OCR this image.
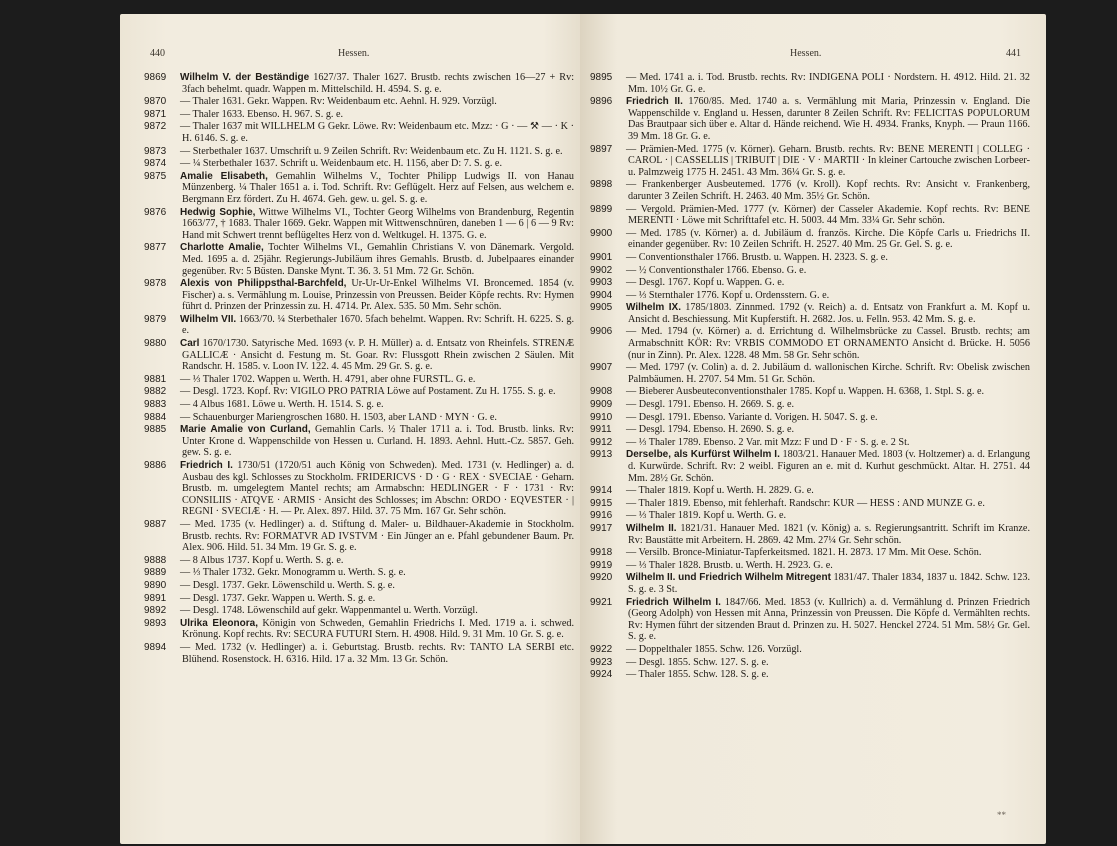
440	Hessen.
9869 Wilhelm V. der Beständige 1627/37. Thaler 1627. Brustb. rechts zwischen 16—27 + Rv: 3fach behelmt. quadr. Wappen m. Mittelschild. H. 4594. S. g. e.
9870 — Thaler 1631. Gekr. Wappen. Rv: Weidenbaum etc. Aehnl. H. 929. Vorzügl.
9871 — Thaler 1633. Ebenso. H. 967. S. g. e.
9872 — Thaler 1637 mit WILLHELM G Gekr. Löwe. Rv: Weidenbaum etc. Mzz: · G · — ⚒ — · K · H. 6146. S. g. e.
9873 — Sterbethaler 1637. Umschrift u. 9 Zeilen Schrift. Rv: Weidenbaum etc. Zu H. 1121. S. g. e.
9874 — ¼ Sterbethaler 1637. Schrift u. Weidenbaum etc. H. 1156, aber D: 7. S. g. e.
9875 Amalie Elisabeth, Gemahlin Wilhelms V., Tochter Philipp Ludwigs II. von Hanau Münzenberg. ¼ Thaler 1651 a. i. Tod. Schrift. Rv: Geflügelt. Herz auf Felsen, aus welchem e. Bergmann Erz fördert. Zu H. 4674. Geh. gew. u. gel. S. g. e.
9876 Hedwig Sophie, Wittwe Wilhelms VI., Tochter Georg Wilhelms von Brandenburg, Regentin 1663/77, † 1683. Thaler 1669. Gekr. Wappen mit Wittwenschnüren, daneben 1 — 6 | 6 — 9 Rv: Hand mit Schwert trennt beflügeltes Herz von d. Weltkugel. H. 1375. G. e.
9877 Charlotte Amalie, Tochter Wilhelms VI., Gemahlin Christians V. von Dänemark. Vergold. Med. 1695 a. d. 25jähr. Regierungs-Jubiläum ihres Gemahls. Brustb. d. Jubelpaares einander gegenüber. Rv: 5 Büsten. Danske Mynt. T. 36. 3. 51 Mm. 72 Gr. Schön.
9878 Alexis von Philippsthal-Barchfeld, Ur-Ur-Ur-Enkel Wilhelms VI. Broncemed. 1854 (v. Fischer) a. s. Vermählung m. Louise, Prinzessin von Preussen. Beider Köpfe rechts. Rv: Hymen führt d. Prinzen der Prinzessin zu. H. 4714. Pr. Alex. 535. 50 Mm. Sehr schön.
9879 Wilhelm VII. 1663/70. ¼ Sterbethaler 1670. 5fach behelmt. Wappen. Rv: Schrift. H. 6225. S. g. e.
9880 Carl 1670/1730. Satyrische Med. 1693 (v. P. H. Müller) a. d. Entsatz von Rheinfels. STRENÆ GALLICÆ · Ansicht d. Festung m. St. Goar. Rv: Flussgott Rhein zwischen 2 Säulen. Mit Randschr. H. 1585. v. Loon IV. 122. 4. 45 Mm. 29 Gr. S. g. e.
9881 — ⅓ Thaler 1702. Wappen u. Werth. H. 4791, aber ohne FURSTL. G. e.
9882 — Desgl. 1723. Kopf. Rv: VIGILO PRO PATRIA Löwe auf Postament. Zu H. 1755. S. g. e.
9883 — 4 Albus 1681. Löwe u. Werth. H. 1514. S. g. e.
9884 — Schauenburger Mariengroschen 1680. H. 1503, aber LAND · MYN · G. e.
9885 Marie Amalie von Curland, Gemahlin Carls. ½ Thaler 1711 a. i. Tod. Brustb. links. Rv: Unter Krone d. Wappenschilde von Hessen u. Curland. H. 1893. Aehnl. Hutt.-Cz. 5857. Geh. gew. S. g. e.
9886 Friedrich I. 1730/51 (1720/51 auch König von Schweden). Med. 1731 (v. Hedlinger) a. d. Ausbau des kgl. Schlosses zu Stockholm. FRIDERICVS · D · G · REX · SVECIAE · Geharn. Brustb. m. umgelegtem Mantel rechts; am Armabschn: HEDLINGER · F · 1731 · Rv: CONSILIIS · ATQVE · ARMIS · Ansicht des Schlosses; im Abschn: ORDO · EQVESTER · | REGNI · SVECIÆ · H. — Pr. Alex. 897. Hild. 37. 75 Mm. 167 Gr. Sehr schön.
9887 — Med. 1735 (v. Hedlinger) a. d. Stiftung d. Maler- u. Bildhauer-Akademie in Stockholm. Brustb. rechts. Rv: FORMATVR AD IVSTVM · Ein Jünger an e. Pfahl gebundener Baum. Pr. Alex. 906. Hild. 51. 34 Mm. 19 Gr. S. g. e.
9888 — 8 Albus 1737. Kopf u. Werth. S. g. e.
9889 — ⅓ Thaler 1732. Gekr. Monogramm u. Werth. S. g. e.
9890 — Desgl. 1737. Gekr. Löwenschild u. Werth. S. g. e.
9891 — Desgl. 1737. Gekr. Wappen u. Werth. S. g. e.
9892 — Desgl. 1748. Löwenschild auf gekr. Wappenmantel u. Werth. Vorzügl.
9893 Ulrika Eleonora, Königin von Schweden, Gemahlin Friedrichs I. Med. 1719 a. i. schwed. Krönung. Kopf rechts. Rv: SECURA FUTURI Stern. H. 4908. Hild. 9. 31 Mm. 10 Gr. S. g. e.
9894 — Med. 1732 (v. Hedlinger) a. i. Geburtstag. Brustb. rechts. Rv: TANTO LA SERBI etc. Blühend. Rosenstock. H. 6316. Hild. 17 a. 32 Mm. 13 Gr. Schön.
Hessen.	441
9895 — Med. 1741 a. i. Tod. Brustb. rechts. Rv: INDIGENA POLI · Nordstern. H. 4912. Hild. 21. 32 Mm. 10½ Gr. G. e.
9896 Friedrich II. 1760/85. Med. 1740 a. s. Vermählung mit Maria, Prinzessin v. England. Die Wappenschilde v. England u. Hessen, darunter 8 Zeilen Schrift. Rv: FELICITAS POPULORUM Das Brautpaar sich über e. Altar d. Hände reichend. Wie H. 4934. Franks, Knyph. — Praun 1166. 39 Mm. 18 Gr. G. e.
9897 — Prämien-Med. 1775 (v. Körner). Geharn. Brustb. rechts. Rv: BENE MERENTI | COLLEG · CAROL · | CASSELLIS | TRIBUIT | DIE · V · MARTII · In kleiner Cartouche zwischen Lorbeer- u. Palmzweig 1775 H. 2451. 43 Mm. 36¼ Gr. S. g. e.
9898 — Frankenberger Ausbeutemed. 1776 (v. Kroll). Kopf rechts. Rv: Ansicht v. Frankenberg, darunter 3 Zeilen Schrift. H. 2463. 40 Mm. 35½ Gr. Schön.
9899 — Vergold. Prämien-Med. 1777 (v. Körner) der Casseler Akademie. Kopf rechts. Rv: BENE MERENTI · Löwe mit Schrifttafel etc. H. 5003. 44 Mm. 33¼ Gr. Sehr schön.
9900 — Med. 1785 (v. Körner) a. d. Jubiläum d. französ. Kirche. Die Köpfe Carls u. Friedrichs II. einander gegenüber. Rv: 10 Zeilen Schrift. H. 2527. 40 Mm. 25 Gr. Gel. S. g. e.
9901 — Conventionsthaler 1766. Brustb. u. Wappen. H. 2323. S. g. e.
9902 — ½ Conventionsthaler 1766. Ebenso. G. e.
9903 — Desgl. 1767. Kopf u. Wappen. G. e.
9904 — ⅓ Sternthaler 1776. Kopf u. Ordensstern. G. e.
9905 Wilhelm IX. 1785/1803. Zinnmed. 1792 (v. Reich) a. d. Entsatz von Frankfurt a. M. Kopf u. Ansicht d. Beschiessung. Mit Kupferstift. H. 2682. Jos. u. Felln. 953. 42 Mm. S. g. e.
9906 — Med. 1794 (v. Körner) a. d. Errichtung d. Wilhelmsbrücke zu Cassel. Brustb. rechts; am Armabschnitt KÖR: Rv: VRBIS COMMODO ET ORNAMENTO Ansicht d. Brücke. H. 5056 (nur in Zinn). Pr. Alex. 1228. 48 Mm. 58 Gr. Sehr schön.
9907 — Med. 1797 (v. Colin) a. d. 2. Jubiläum d. wallonischen Kirche. Schrift. Rv: Obelisk zwischen Palmbäumen. H. 2707. 54 Mm. 51 Gr. Schön.
9908 — Bieberer Ausbeuteconventionsthaler 1785. Kopf u. Wappen. H. 6368, 1. Stpl. S. g. e.
9909 — Desgl. 1791. Ebenso. H. 2669. S. g. e.
9910 — Desgl. 1791. Ebenso. Variante d. Vorigen. H. 5047. S. g. e.
9911 — Desgl. 1794. Ebenso. H. 2690. S. g. e.
9912 — ⅓ Thaler 1789. Ebenso. 2 Var. mit Mzz: F und D · F · S. g. e. 2 St.
9913 Derselbe, als Kurfürst Wilhelm I. 1803/21. Hanauer Med. 1803 (v. Holtzemer) a. d. Erlangung d. Kurwürde. Schrift. Rv: 2 weibl. Figuren an e. mit d. Kurhut geschmückt. Altar. H. 2751. 44 Mm. 28½ Gr. Schön.
9914 — Thaler 1819. Kopf u. Werth. H. 2829. G. e.
9915 — Thaler 1819. Ebenso, mit fehlerhaft. Randschr: KUR — HESS : AND MUNZE G. e.
9916 — ⅓ Thaler 1819. Kopf u. Werth. G. e.
9917 Wilhelm II. 1821/31. Hanauer Med. 1821 (v. König) a. s. Regierungsantritt. Schrift im Kranze. Rv: Baustätte mit Arbeitern. H. 2869. 42 Mm. 27¼ Gr. Sehr schön.
9918 — Versilb. Bronce-Miniatur-Tapferkeitsmed. 1821. H. 2873. 17 Mm. Mit Oese. Schön.
9919 — ⅓ Thaler 1828. Brustb. u. Werth. H. 2923. G. e.
9920 Wilhelm II. und Friedrich Wilhelm Mitregent 1831/47. Thaler 1834, 1837 u. 1842. Schw. 123. S. g. e. 3 St.
9921 Friedrich Wilhelm I. 1847/66. Med. 1853 (v. Kullrich) a. d. Vermählung d. Prinzen Friedrich (Georg Adolph) von Hessen mit Anna, Prinzessin von Preussen. Die Köpfe d. Vermählten rechts. Rv: Hymen führt der sitzenden Braut d. Prinzen zu. H. 5027. Henckel 2724. 51 Mm. 58½ Gr. Gel. S. g. e.
9922 — Doppelthaler 1855. Schw. 126. Vorzügl.
9923 — Desgl. 1855. Schw. 127. S. g. e.
9924 — Thaler 1855. Schw. 128. S. g. e.
**
